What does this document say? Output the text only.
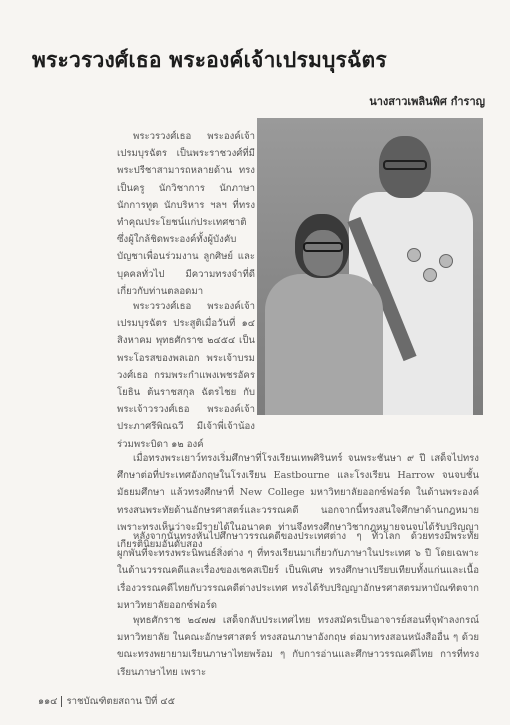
พระวรวงศ์เธอ พระองค์เจ้าเปรมบุรฉัตร
นางสาวเพลินพิศ กำราญ

พระวรวงศ์เธอ พระองค์เจ้าเปรมบุรฉัตร เป็นพระราชวงศ์ที่มีพระปรีชาสามารถหลายด้าน ทรงเป็นครู นักวิชาการ นักภาษา นักการทูต นักบริหาร ฯลฯ ที่ทรงทำคุณประโยชน์แก่ประเทศชาติซึ่งผู้ใกล้ชิดพระองค์ทั้งผู้บังคับบัญชาเพื่อนร่วมงาน ลูกศิษย์ และบุคคลทั่วไป มีความทรงจำที่ดีเกี่ยวกับท่านตลอดมา

พระวรวงศ์เธอ พระองค์เจ้าเปรมบุรฉัตร ประสูติเมื่อวันที่ ๑๔ สิงหาคม พุทธศักราช ๒๔๕๔ เป็นพระโอรสของพลเอก พระเจ้าบรมวงศ์เธอ กรมพระกำแพงเพชรอัครโยธิน ต้นราชสกุล ฉัตรไชย กับพระเจ้าวรวงศ์เธอ พระองค์เจ้าประภาศรีพิณฉวี มีเจ้าพี่เจ้าน้องร่วมพระบิดา ๑๒ องค์

เมื่อทรงพระเยาว์ทรงเริ่มศึกษาที่โรงเรียนเทพศิรินทร์ จนพระชันษา ๙ ปี เสด็จไปทรงศึกษาต่อที่ประเทศอังกฤษในโรงเรียน Eastbourne และโรงเรียน Harrow จนจบชั้นมัธยมศึกษา แล้วทรงศึกษาที่ New College มหาวิทยาลัยออกซ์ฟอร์ด ในด้านพระองค์ทรงสนพระทัยด้านอักษรศาสตร์และวรรณคดี นอกจากนี้ทรงสนใจศึกษาด้านกฎหมาย เพราะทรงเห็นว่าจะมีรายได้ในอนาคต ท่านจึงทรงศึกษาวิชากฎหมายจนจบได้รับปริญญาเกียรตินิยมอันดับสอง

หลังจากนั้นทรงหันไปศึกษาวรรณคดีของประเทศต่าง ๆ ทั่วโลก ด้วยทรงมีพระทัยผูกพันที่จะทรงพระนิพนธ์สิ่งต่าง ๆ ที่ทรงเรียนมาเกี่ยวกับภาษาในประเทศ ๖ ปี โดยเฉพาะในด้านวรรณคดีและเรื่องของเชคสเปียร์ เป็นพิเศษ ทรงศึกษาเปรียบเทียบทั้งแก่นและเนื้อเรื่องวรรณคดีไทยกับวรรณคดีต่างประเทศ ทรงได้รับปริญญาอักษรศาสตรมหาบัณฑิตจากมหาวิทยาลัยออกซ์ฟอร์ด

พุทธศักราช ๒๔๗๗ เสด็จกลับประเทศไทย ทรงสมัครเป็นอาจารย์สอนที่จุฬาลงกรณ์มหาวิทยาลัย ในคณะอักษรศาสตร์ ทรงสอนภาษาอังกฤษ ต่อมาทรงสอนหนังสืออื่น ๆ ด้วย ขณะทรงพยายามเรียนภาษาไทยพร้อม ๆ กับการอ่านและศึกษาวรรณคดีไทย การที่ทรงเรียนภาษาไทย เพราะ

๑๑๔ ราชบัณฑิตยสถาน ปีที่ ๔๕
